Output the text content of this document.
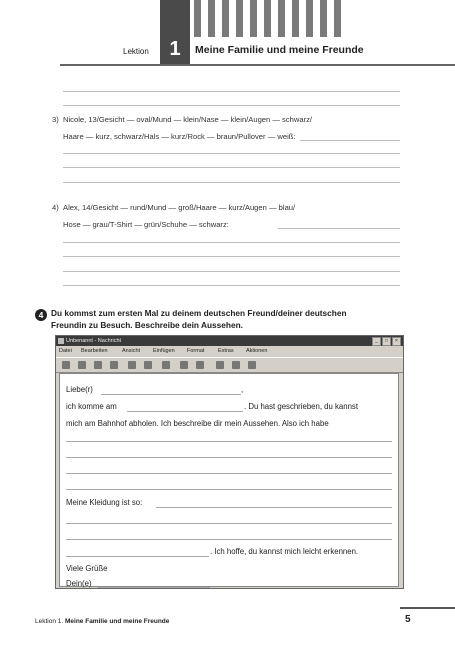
Lektion	1	Meine Familie und meine Freunde
3) Nicole, 13/Gesicht — oval/Mund — klein/Nase — klein/Augen — schwarz/
Haare — kurz, schwarz/Hals — kurz/Rock — braun/Pullover — weiß:
4) Alex, 14/Gesicht — rund/Mund — groß/Haare — kurz/Augen — blau/
Hose — grau/T-Shirt — grün/Schuhe — schwarz:
4 Du kommst zum ersten Mal zu deinem deutschen Freund/deiner deutschen
Freundin zu Besuch. Beschreibe dein Aussehen.
Unbenannt - Nachricht	_	□	×
Datei Bearbeiten	Ansicht Einfügen Format Extras Aktionen
Liebe(r)	,
ich komme am	. Du hast geschrieben, du kannst
mich am Bahnhof abholen. Ich beschreibe dir mein Aussehen. Also ich habe
Meine Kleidung ist so:
. Ich hoffe, du kannst mich leicht erkennen.
Viele Grüße
Dein(e)
Lektion 1. Meine Familie und meine Freunde	5
